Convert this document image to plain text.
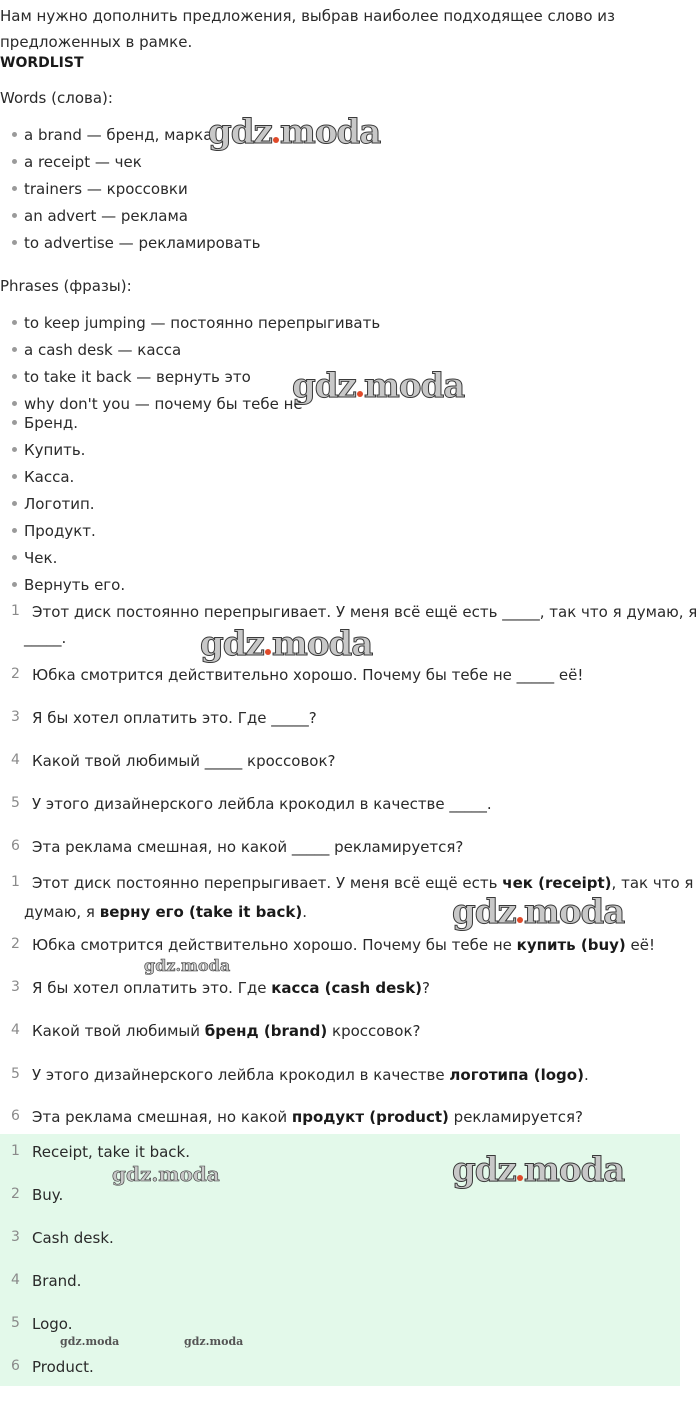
Нам нужно дополнить предложения, выбрав наиболее подходящее слово из предложенных в рамке.
WORDLIST
Words (слова):
a brand — бренд, марка
a receipt — чек
trainers — кроссовки
an advert — реклама
to advertise — рекламировать
Phrases (фразы):
to keep jumping — постоянно перепрыгивать
a cash desk — касса
to take it back — вернуть это
why don't you — почему бы тебе не
Бренд.
Купить.
Касса.
Логотип.
Продукт.
Чек.
Вернуть его.
1 Этот диск постоянно перепрыгивает. У меня всё ещё есть _____, так что я думаю, я
_____.
2 Юбка смотрится действительно хорошо. Почему бы тебе не _____ её!
3 Я бы хотел оплатить это. Где _____?
4 Какой твой любимый _____ кроссовок?
5 У этого дизайнерского лейбла крокодил в качестве _____.
6 Эта реклама смешная, но какой _____ рекламируется?
1 Этот диск постоянно перепрыгивает. У меня всё ещё есть чек (receipt), так что я
думаю, я верну его (take it back).
2 Юбка смотрится действительно хорошо. Почему бы тебе не купить (buy) её!
3 Я бы хотел оплатить это. Где касса (cash desk)?
4 Какой твой любимый бренд (brand) кроссовок?
5 У этого дизайнерского лейбла крокодил в качестве логотипа (logo).
6 Эта реклама смешная, но какой продукт (product) рекламируется?
1 Receipt, take it back.
2 Buy.
3 Cash desk.
4 Brand.
5 Logo.
6 Product.
gdz moda
gdz moda
gdz moda
gdz moda
gdz.moda
gdz moda
gdz.moda
gdz.moda	gdz.moda
